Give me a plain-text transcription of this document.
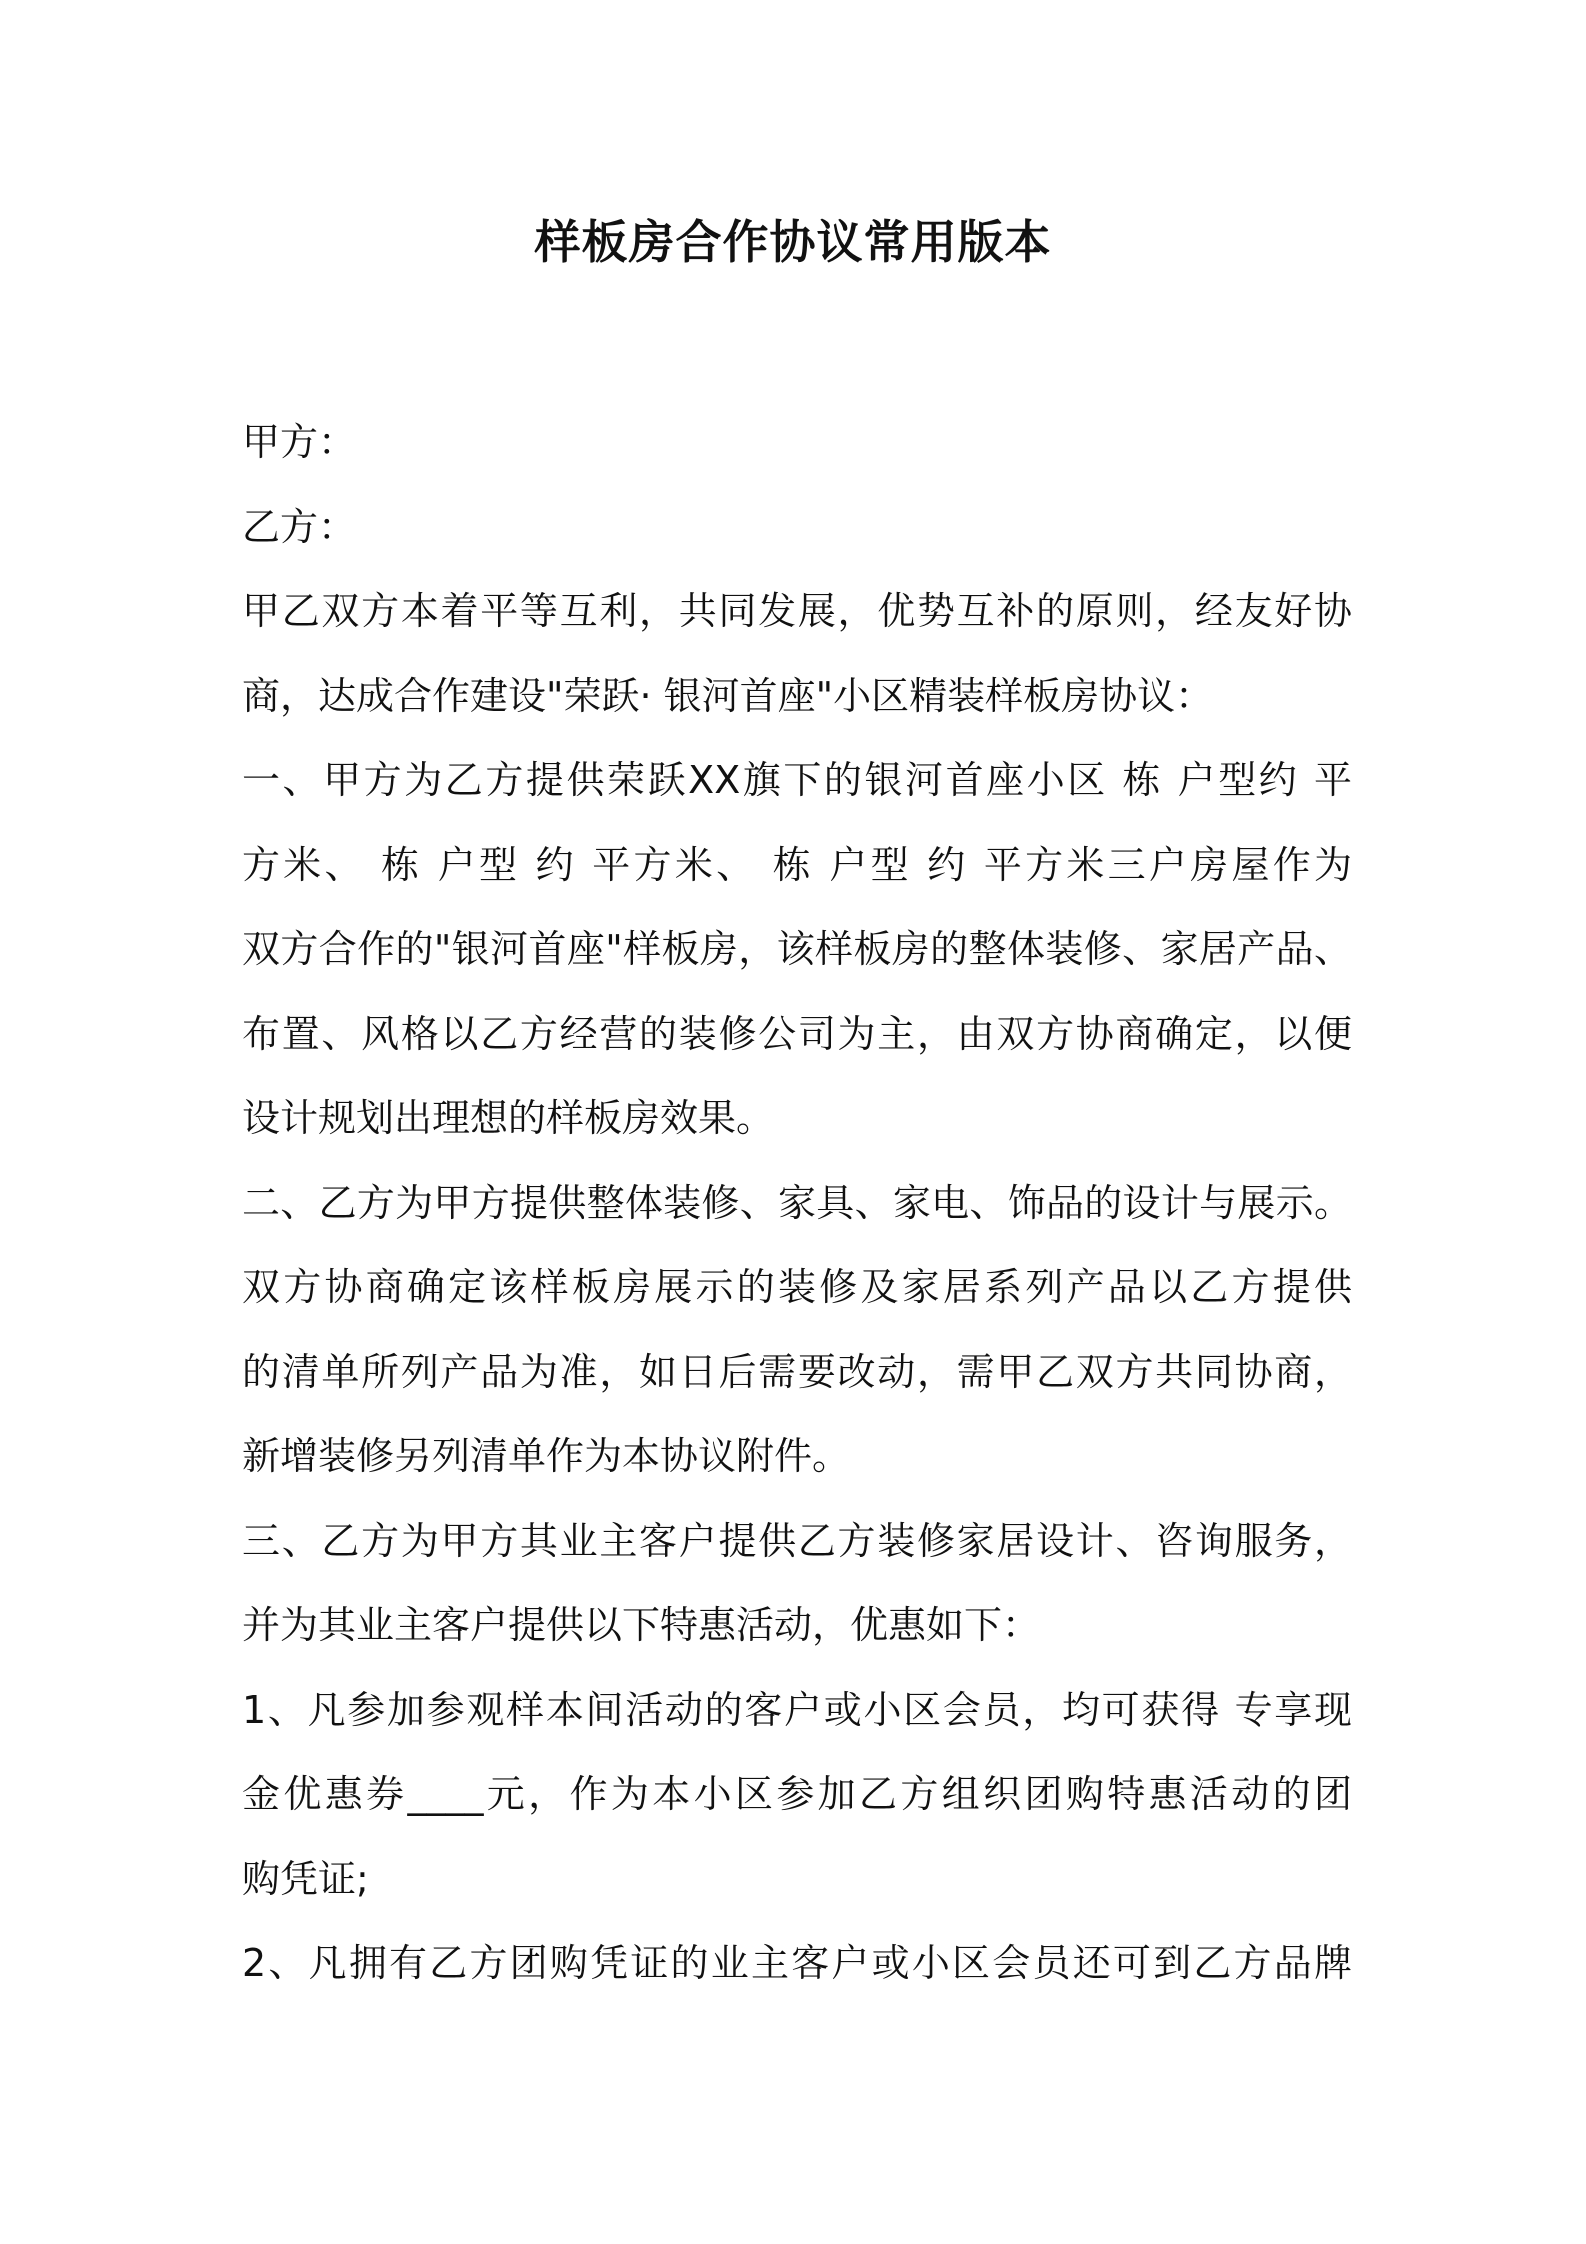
样板房合作协议常用版本
甲方：
乙方：
甲乙双方本着平等互利，共同发展，优势互补的原则，经友好协
商，达成合作建设"荣跃· 银河首座"小区精装样板房协议：
一、甲方为乙方提供荣跃XX旗下的银河首座小区 栋 户型约 平
方米、 栋 户型 约 平方米、 栋 户型 约 平方米三户房屋作为
双方合作的"银河首座"样板房，该样板房的整体装修、家居产品、
布置、风格以乙方经营的装修公司为主，由双方协商确定，以便
设计规划出理想的样板房效果。
二、乙方为甲方提供整体装修、家具、家电、饰品的设计与展示。
双方协商确定该样板房展示的装修及家居系列产品以乙方提供
的清单所列产品为准，如日后需要改动，需甲乙双方共同协商，
新增装修另列清单作为本协议附件。
三、乙方为甲方其业主客户提供乙方装修家居设计、咨询服务，
并为其业主客户提供以下特惠活动，优惠如下：
1、凡参加参观样本间活动的客户或小区会员，均可获得 专享现
金优惠券____元，作为本小区参加乙方组织团购特惠活动的团
购凭证;
2、凡拥有乙方团购凭证的业主客户或小区会员还可到乙方品牌
